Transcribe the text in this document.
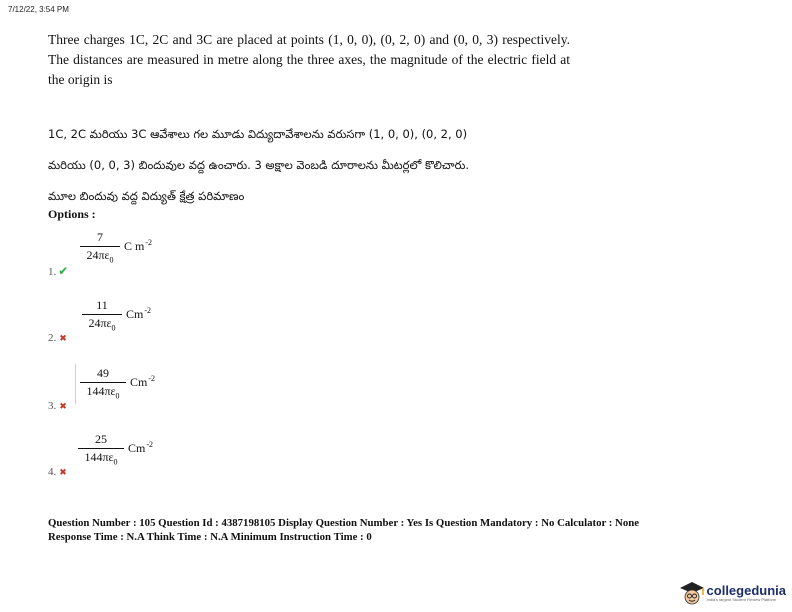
7/12/22, 3:54 PM
Three charges 1C, 2C and 3C are placed at points (1, 0, 0), (0, 2, 0) and (0, 0, 3) respectively. The distances are measured in metre along the three axes, the magnitude of the electric field at the origin is
1C, 2C మరియు 3C ఆవేశాలు గల మూడు విద్యుదావేశాలను వరుసగా (1, 0, 0), (0, 2, 0)
మరియు (0, 0, 3) బిందువుల వద్ద ఉంచారు. 3 అక్షాల వెంబడి దూరాలను మీటర్లలో కొలిచారు.
మూల బిందువు వద్ద విద్యుత్ క్షేత్ర పరిమాణం
Options :
7
$24\pi\varepsilon_0$
C $m^{-2}$
1. ✔
11
$24\pi\varepsilon_0$
$Cm^{-2}$
2. ✖
49
$144\pi\varepsilon_0$
$Cm^{-2}$
3. ✖
25
$144\pi\varepsilon_0$
$Cm^{-2}$
4. ✖
Question Number : 105 Question Id : 4387198105 Display Question Number : Yes Is Question Mandatory : No Calculator : None
Response Time : N.A Think Time : N.A Minimum Instruction Time : 0
collegedunia
India's largest Student Review Platform
